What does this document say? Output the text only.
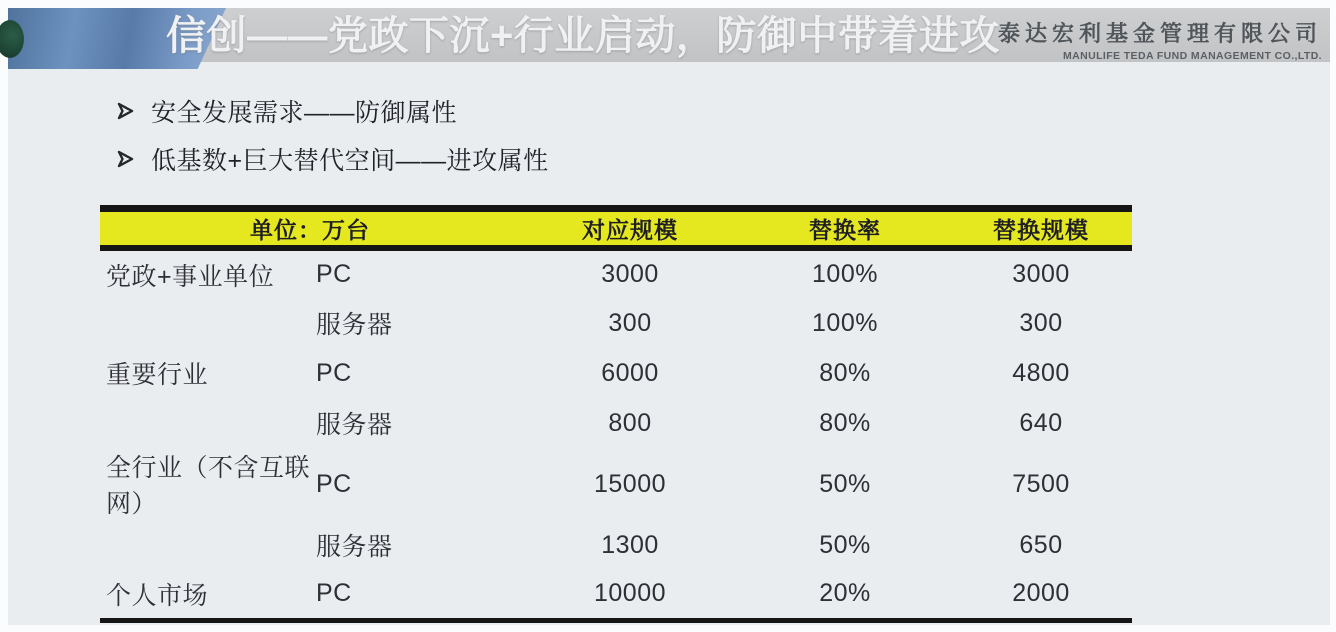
信创——党政下沉+行业启动，防御中带着进攻
泰达宏利基金管理有限公司
MANULIFE TEDA FUND MANAGEMENT CO.,LTD.
安全发展需求——防御属性
低基数+巨大替代空间——进攻属性
单位：万台		对应规模	替换率	替换规模
党政+事业单位	PC	3000	100%	3000
	服务器	300	100%	300
重要行业	PC	6000	80%	4800
	服务器	800	80%	640
全行业（不含互联网）	PC	15000	50%	7500
	服务器	1300	50%	650
个人市场	PC	10000	20%	2000
